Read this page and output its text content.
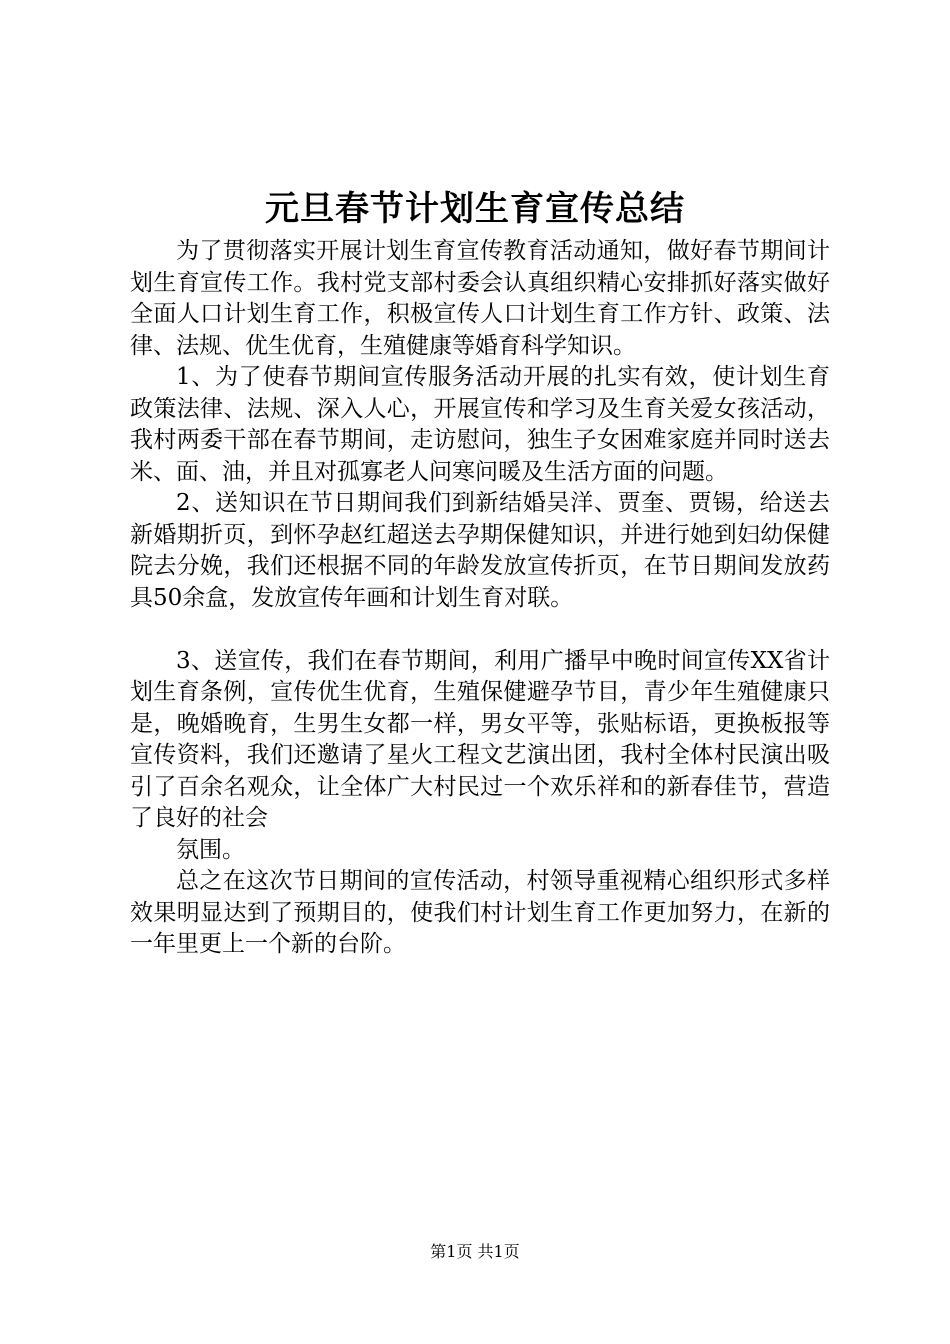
元旦春节计划生育宣传总结

为了贯彻落实开展计划生育宣传教育活动通知，做好春节期间计划生育宣传工作。我村党支部村委会认真组织精心安排抓好落实做好全面人口计划生育工作，积极宣传人口计划生育工作方针、政策、法律、法规、优生优育，生殖健康等婚育科学知识。

1、为了使春节期间宣传服务活动开展的扎实有效，使计划生育政策法律、法规、深入人心，开展宣传和学习及生育关爱女孩活动，我村两委干部在春节期间，走访慰问，独生子女困难家庭并同时送去米、面、油，并且对孤寡老人问寒问暖及生活方面的问题。

2、送知识在节日期间我们到新结婚吴洋、贾奎、贾锡，给送去新婚期折页，到怀孕赵红超送去孕期保健知识，并进行她到妇幼保健院去分娩，我们还根据不同的年龄发放宣传折页，在节日期间发放药具50余盒，发放宣传年画和计划生育对联。

3、送宣传，我们在春节期间，利用广播早中晚时间宣传XX省计划生育条例，宣传优生优育，生殖保健避孕节目，青少年生殖健康只是，晚婚晚育，生男生女都一样，男女平等，张贴标语，更换板报等宣传资料，我们还邀请了星火工程文艺演出团，我村全体村民演出吸引了百余名观众，让全体广大村民过一个欢乐祥和的新春佳节，营造了良好的社会

氛围。

总之在这次节日期间的宣传活动，村领导重视精心组织形式多样效果明显达到了预期目的，使我们村计划生育工作更加努力，在新的一年里更上一个新的台阶。

第1页 共1页
